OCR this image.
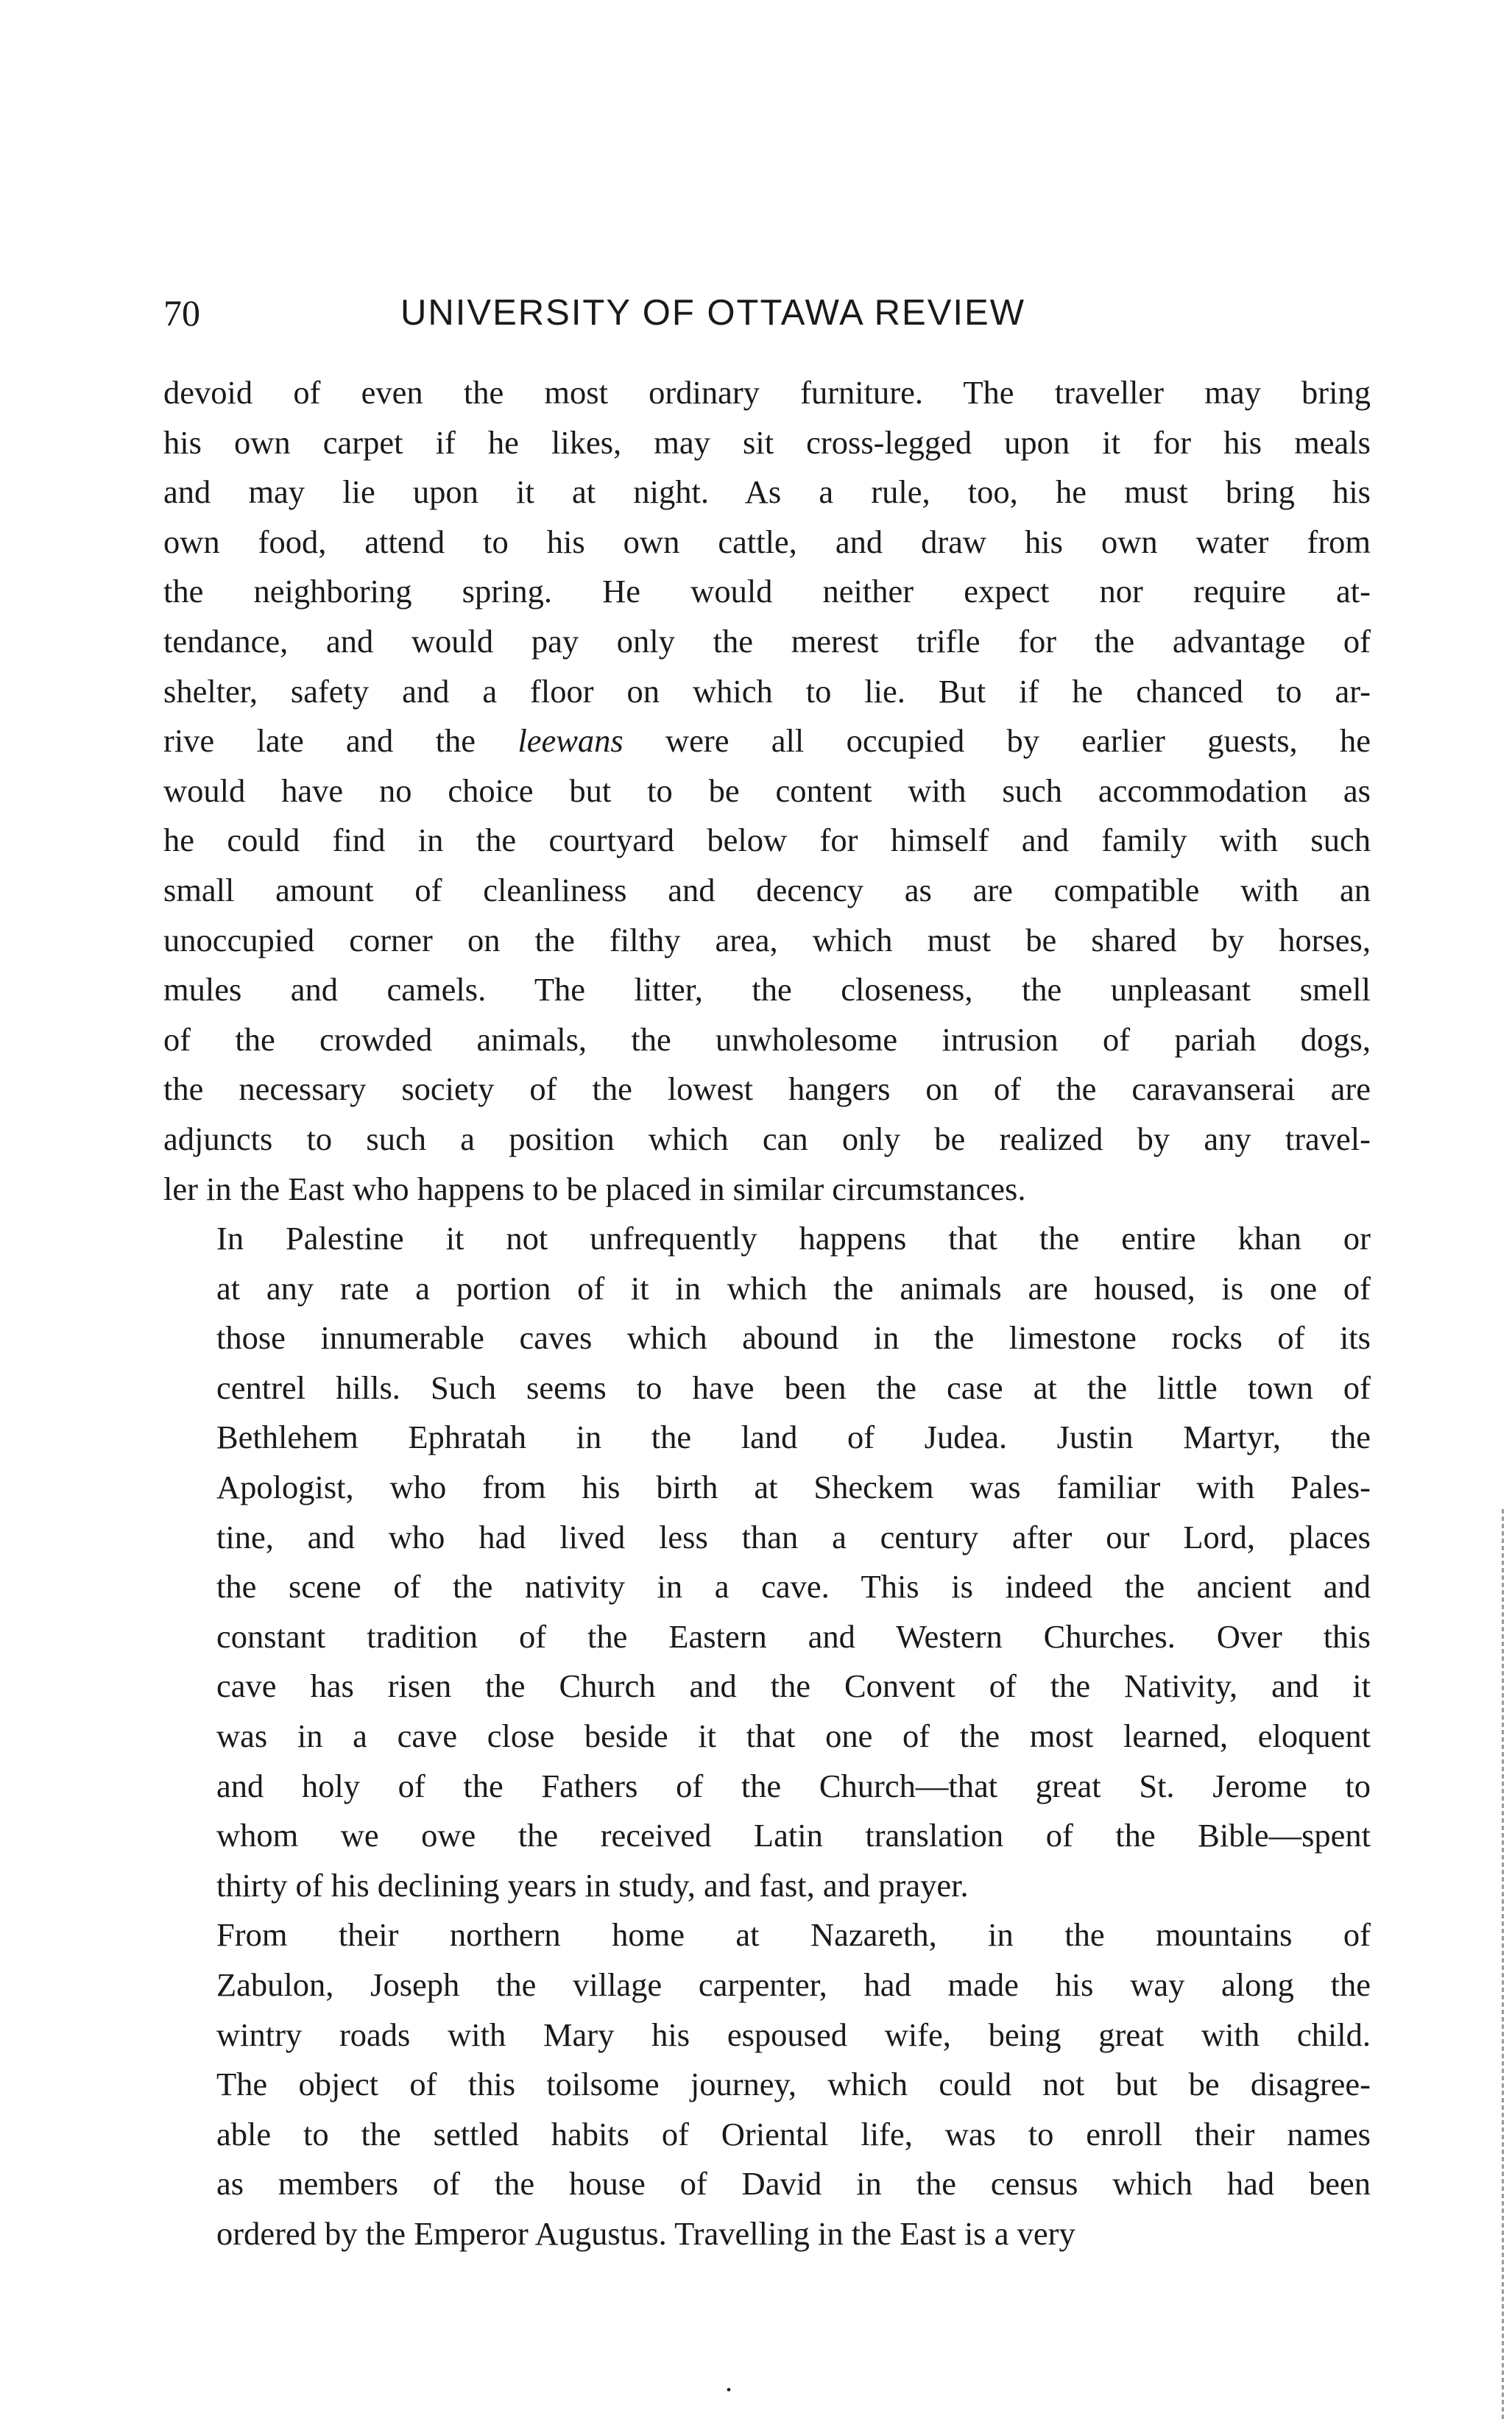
70	UNIVERSITY OF OTTAWA REVIEW

devoid of even the most ordinary furniture. The traveller may bring
his own carpet if he likes, may sit cross-legged upon it for his meals
and may lie upon it at night. As a rule, too, he must bring his
own food, attend to his own cattle, and draw his own water from
the neighboring spring. He would neither expect nor require at-
tendance, and would pay only the merest trifle for the advantage of
shelter, safety and a floor on which to lie. But if he chanced to ar-
rive late and the leewans were all occupied by earlier guests, he
would have no choice but to be content with such accommodation as
he could find in the courtyard below for himself and family with such
small amount of cleanliness and decency as are compatible with an
unoccupied corner on the filthy area, which must be shared by horses,
mules and camels. The litter, the closeness, the unpleasant smell
of the crowded animals, the unwholesome intrusion of pariah dogs,
the necessary society of the lowest hangers on of the caravanserai are
adjuncts to such a position which can only be realized by any travel-
ler in the East who happens to be placed in similar circumstances.

In Palestine it not unfrequently happens that the entire khan or
at any rate a portion of it in which the animals are housed, is one of
those innumerable caves which abound in the limestone rocks of its
centrel hills. Such seems to have been the case at the little town of
Bethlehem Ephratah in the land of Judea. Justin Martyr, the
Apologist, who from his birth at Sheckem was familiar with Pales-
tine, and who had lived less than a century after our Lord, places
the scene of the nativity in a cave. This is indeed the ancient and
constant tradition of the Eastern and Western Churches. Over this
cave has risen the Church and the Convent of the Nativity, and it
was in a cave close beside it that one of the most learned, eloquent
and holy of the Fathers of the Church—that great St. Jerome to
whom we owe the received Latin translation of the Bible—spent
thirty of his declining years in study, and fast, and prayer.

From their northern home at Nazareth, in the mountains of
Zabulon, Joseph the village carpenter, had made his way along the
wintry roads with Mary his espoused wife, being great with child.
The object of this toilsome journey, which could not but be disagree-
able to the settled habits of Oriental life, was to enroll their names
as members of the house of David in the census which had been
ordered by the Emperor Augustus. Travelling in the East is a very

.
